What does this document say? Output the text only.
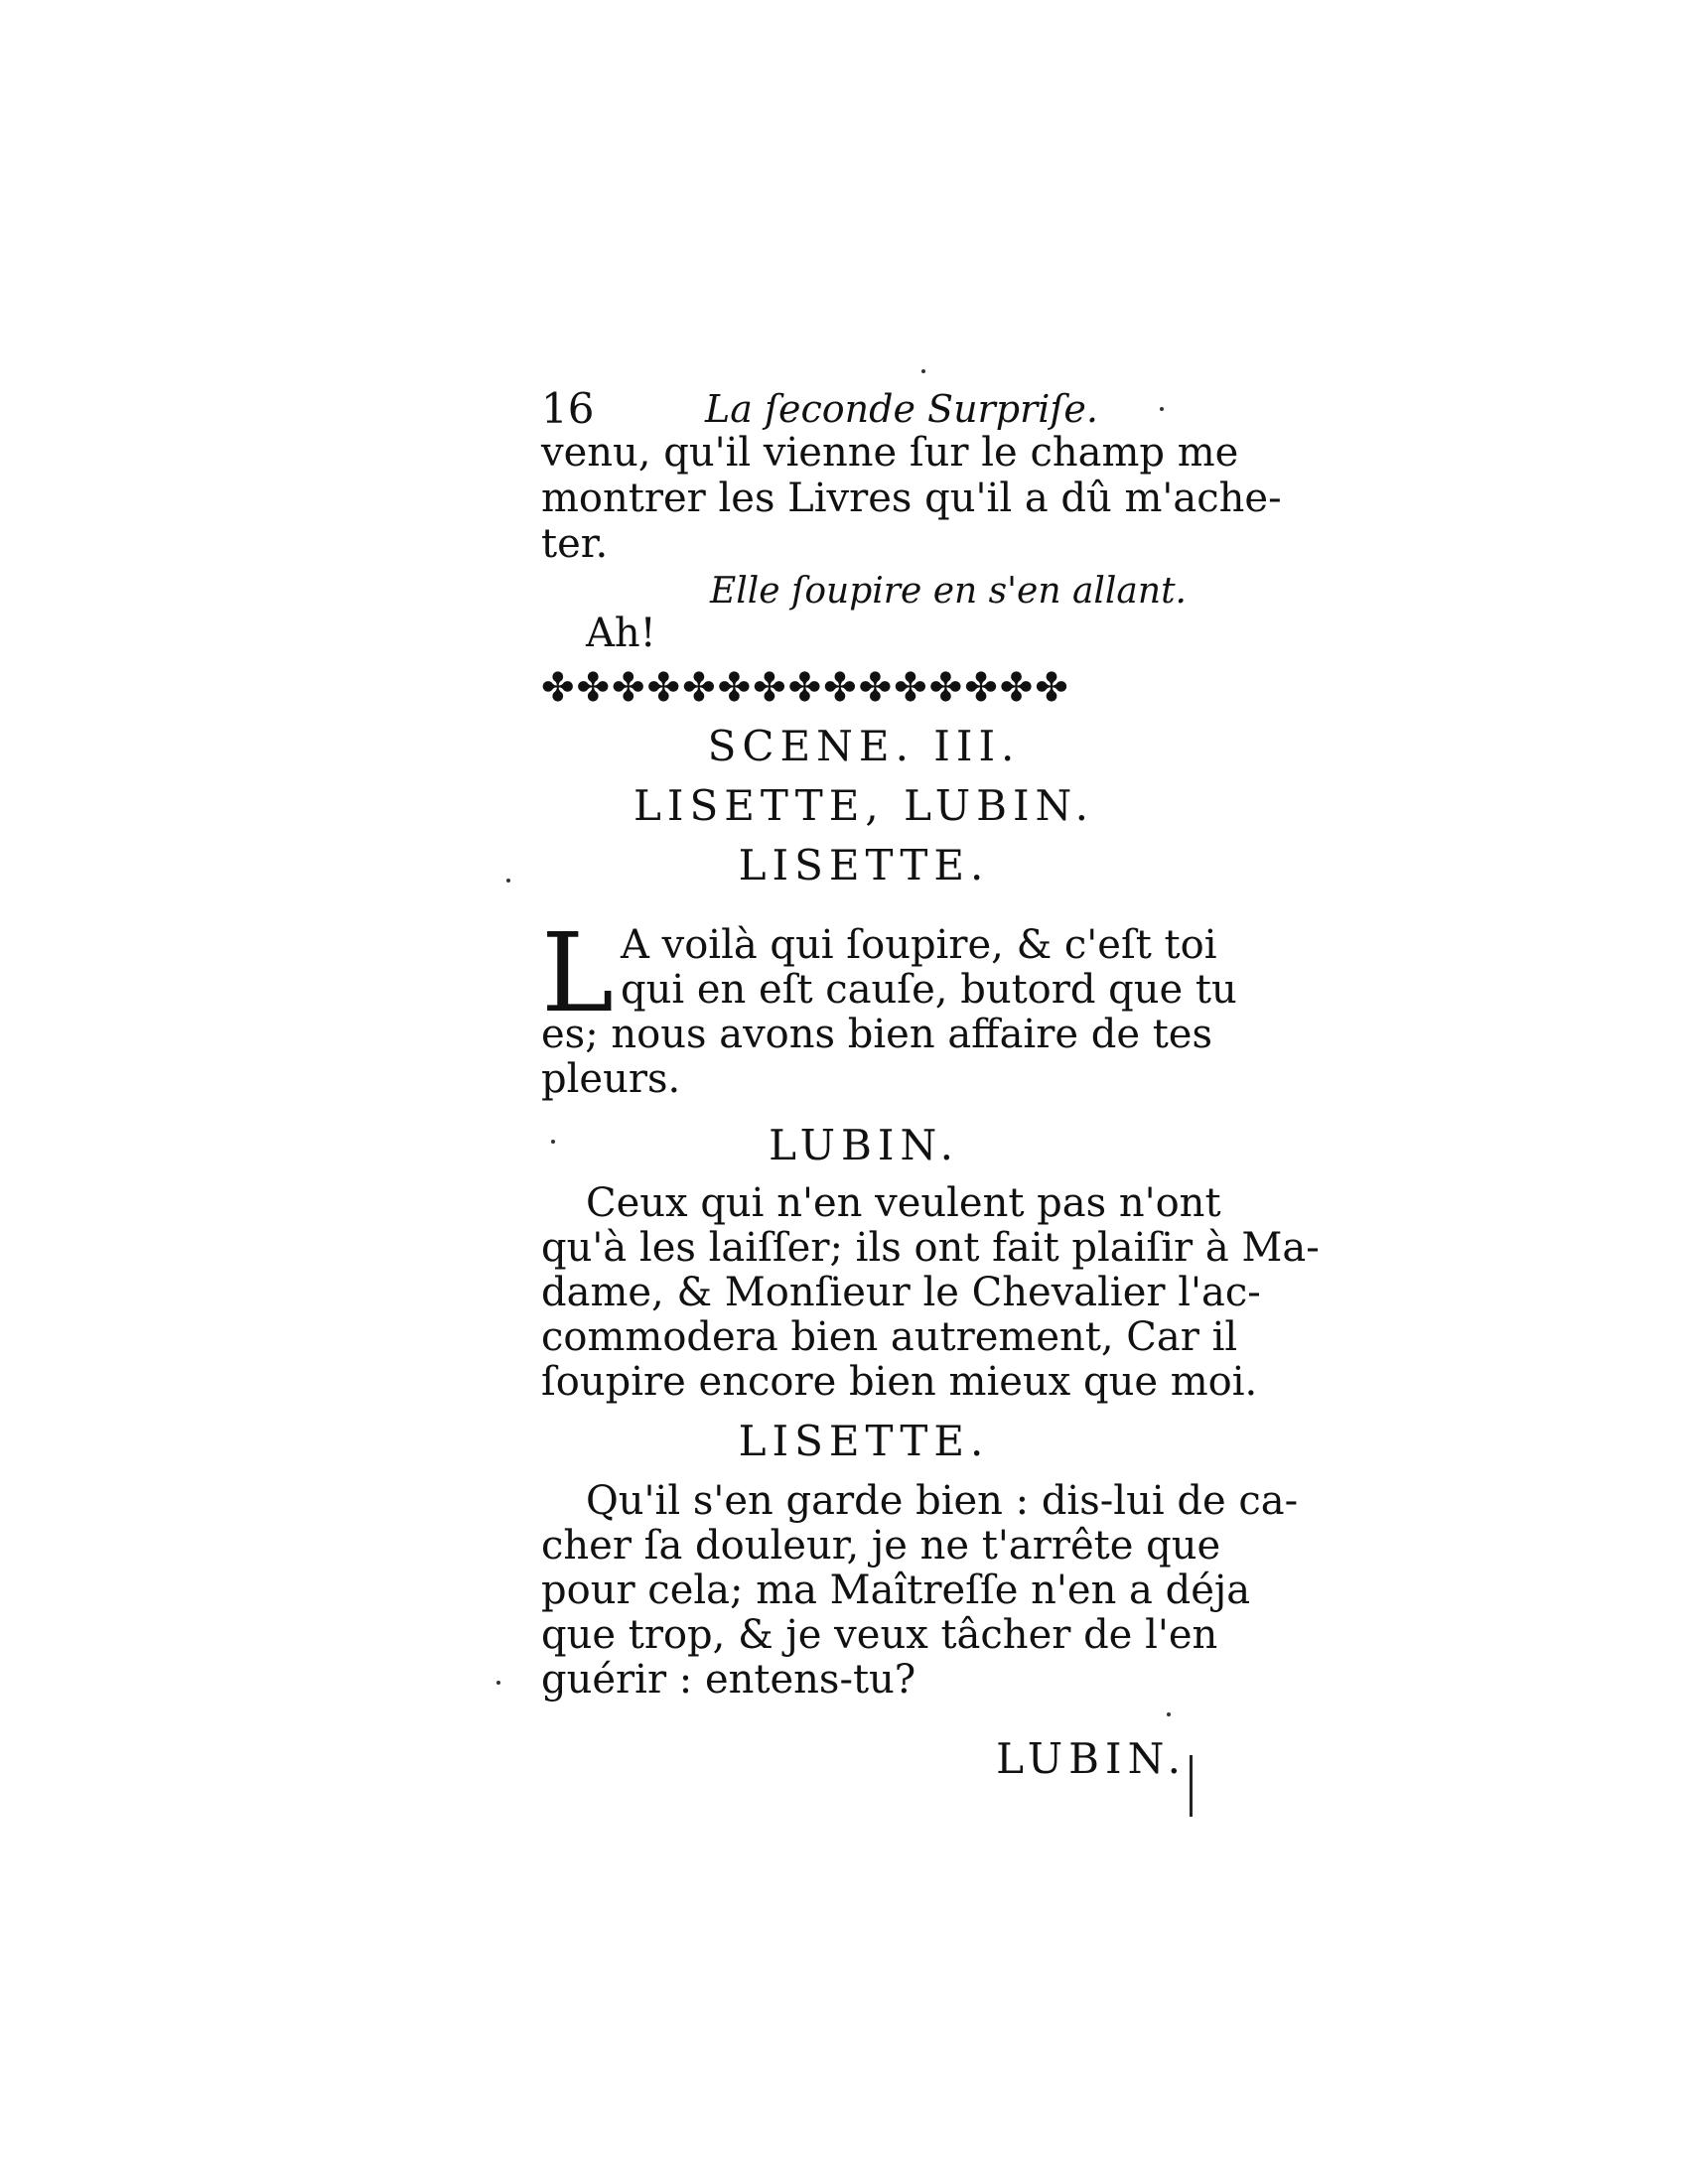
16	La ſeconde Surpriſe.
venu, qu'il vienne ſur le champ me
montrer les Livres qu'il a dû m'ache-
ter.
Elle ſoupire en s'en allant.
Ah!
✤✤✤✤✤✤✤✤✤✤✤✤✤✤✤
SCENE. III.
LISETTE, LUBIN.
LISETTE.
L A voilà qui ſoupire, & c'eſt toi
qui en eſt cauſe, butord que tu
es; nous avons bien affaire de tes
pleurs.
LUBIN.
Ceux qui n'en veulent pas n'ont
qu'à les laiſſer; ils ont fait plaiſir à Ma-
dame, & Monſieur le Chevalier l'ac-
commodera bien autrement, Car il
ſoupire encore bien mieux que moi.
LISETTE.
Qu'il s'en garde bien : dis-lui de ca-
cher ſa douleur, je ne t'arrête que
pour cela; ma Maîtreſſe n'en a déja
que trop, & je veux tâcher de l'en
guérir : entens-tu?
LUBIN.
